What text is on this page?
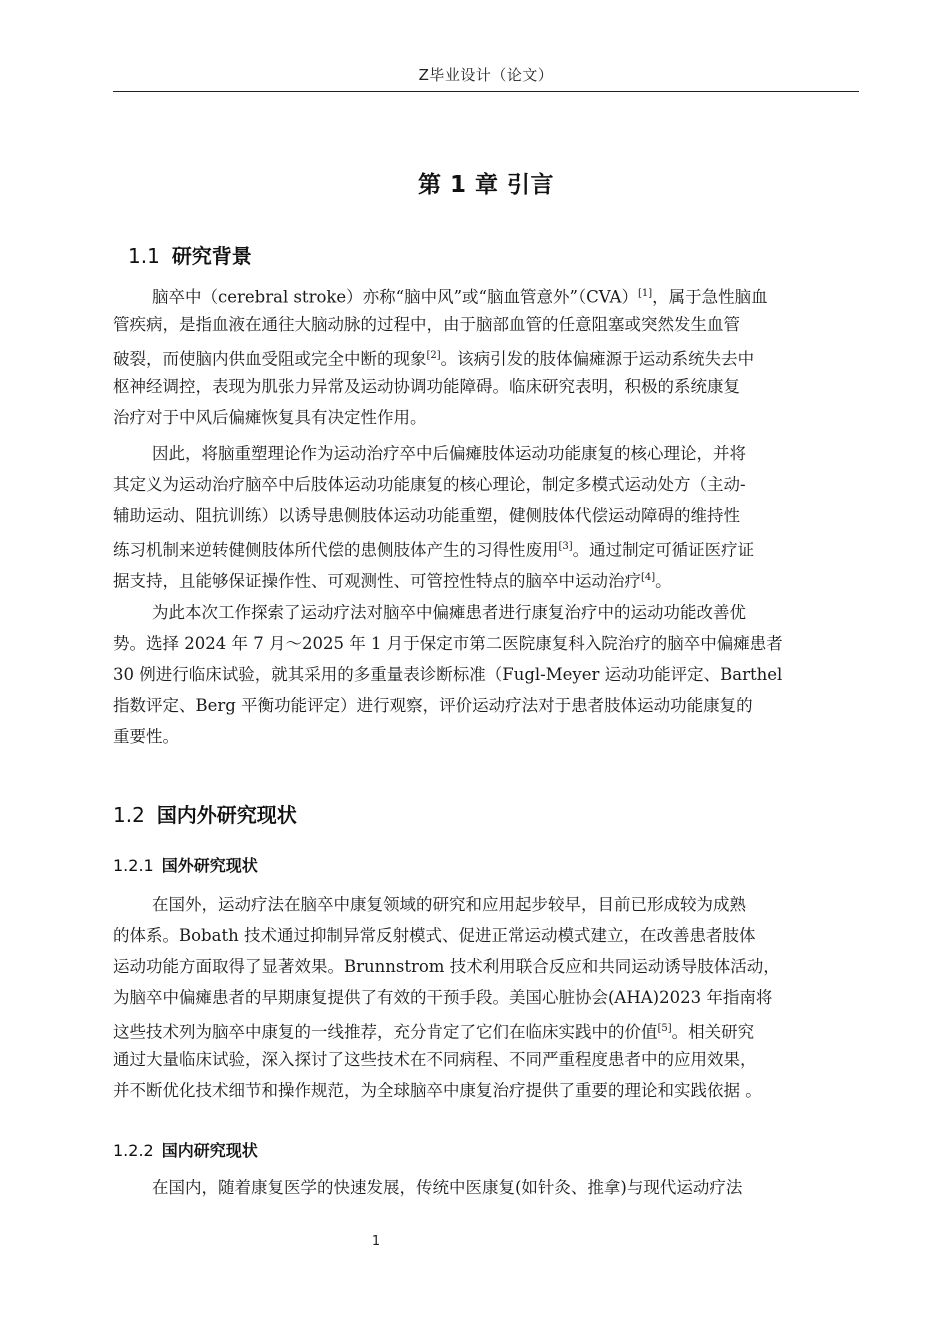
Z毕业设计（论文）
第 1 章 引言
1.1 研究背景
脑卒中（cerebral stroke）亦称“脑中风”或“脑血管意外”（CVA）[1]，属于急性脑血
管疾病，是指血液在通往大脑动脉的过程中，由于脑部血管的任意阻塞或突然发生血管
破裂，而使脑内供血受阻或完全中断的现象[2]。该病引发的肢体偏瘫源于运动系统失去中
枢神经调控，表现为肌张力异常及运动协调功能障碍。临床研究表明，积极的系统康复
治疗对于中风后偏瘫恢复具有决定性作用。
因此，将脑重塑理论作为运动治疗卒中后偏瘫肢体运动功能康复的核心理论，并将
其定义为运动治疗脑卒中后肢体运动功能康复的核心理论，制定多模式运动处方（主动-
辅助运动、阻抗训练）以诱导患侧肢体运动功能重塑，健侧肢体代偿运动障碍的维持性
练习机制来逆转健侧肢体所代偿的患侧肢体产生的习得性废用[3]。通过制定可循证医疗证
据支持，且能够保证操作性、可观测性、可管控性特点的脑卒中运动治疗[4]。
为此本次工作探索了运动疗法对脑卒中偏瘫患者进行康复治疗中的运动功能改善优
势。选择 2024 年 7 月～2025 年 1 月于保定市第二医院康复科入院治疗的脑卒中偏瘫患者
30 例进行临床试验，就其采用的多重量表诊断标准（Fugl-Meyer 运动功能评定、Barthel
指数评定、Berg 平衡功能评定）进行观察，评价运动疗法对于患者肢体运动功能康复的
重要性。
1.2 国内外研究现状
1.2.1 国外研究现状
在国外，运动疗法在脑卒中康复领域的研究和应用起步较早，目前已形成较为成熟
的体系。Bobath 技术通过抑制异常反射模式、促进正常运动模式建立，在改善患者肢体
运动功能方面取得了显著效果。Brunnstrom 技术利用联合反应和共同运动诱导肢体活动，
为脑卒中偏瘫患者的早期康复提供了有效的干预手段。美国心脏协会(AHA)2023 年指南将
这些技术列为脑卒中康复的一线推荐，充分肯定了它们在临床实践中的价值[5]。相关研究
通过大量临床试验，深入探讨了这些技术在不同病程、不同严重程度患者中的应用效果，
并不断优化技术细节和操作规范，为全球脑卒中康复治疗提供了重要的理论和实践依据 。
1.2.2 国内研究现状
在国内，随着康复医学的快速发展，传统中医康复(如针灸、推拿)与现代运动疗法
1
